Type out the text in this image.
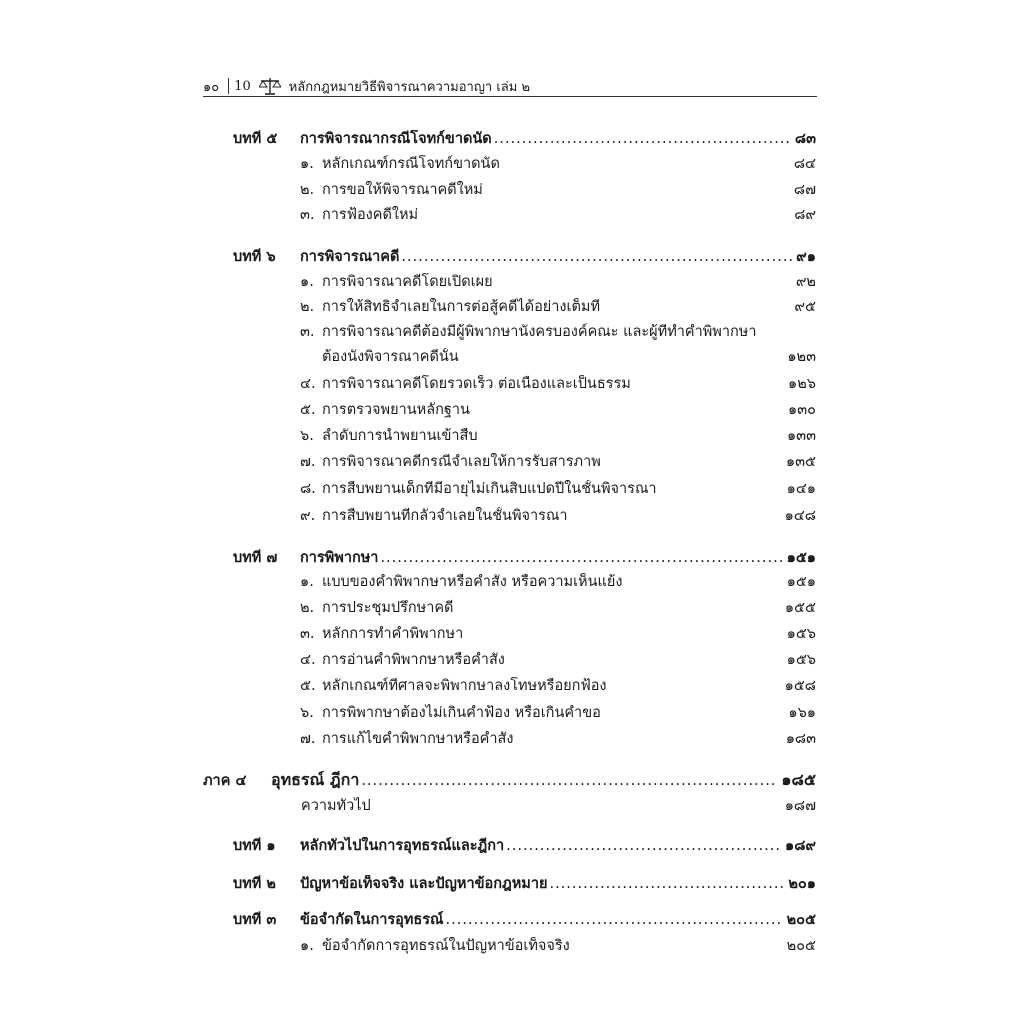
๑๐ 10	หลักกฎหมายวิธีพิจารณาความอาญา เล่ม ๒
บทที่ ๕	การพิจารณากรณีโจทก์ขาดนัด .....	๘๓
๑. หลักเกณฑ์กรณีโจทก์ขาดนัด	๘๔
๒. การขอให้พิจารณาคดีใหม่	๘๗
๓. การฟ้องคดีใหม่	๘๙
บทที่ ๖	การพิจารณาคดี .....	๙๑
๑. การพิจารณาคดีโดยเปิดเผย	๙๒
๒. การให้สิทธิจำเลยในการต่อสู้คดีได้อย่างเต็มที่	๙๕
๓. การพิจารณาคดีต้องมีผู้พิพากษานั่งครบองค์คณะ และผู้ที่ทำคำพิพากษา
ต้องนั่งพิจารณาคดีนั้น	๑๒๓
๔. การพิจารณาคดีโดยรวดเร็ว ต่อเนื่องและเป็นธรรม	๑๒๖
๕. การตรวจพยานหลักฐาน	๑๓๐
๖. ลำดับการนำพยานเข้าสืบ	๑๓๓
๗. การพิจารณาคดีกรณีจำเลยให้การรับสารภาพ	๑๓๕
๘. การสืบพยานเด็กที่มีอายุไม่เกินสิบแปดปีในชั้นพิจารณา	๑๔๑
๙. การสืบพยานที่กลัวจำเลยในชั้นพิจารณา	๑๔๘
บทที่ ๗	การพิพากษา .....	๑๕๑
๑. แบบของคำพิพากษาหรือคำสั่ง หรือความเห็นแย้ง	๑๕๑
๒. การประชุมปรึกษาคดี	๑๕๕
๓. หลักการทำคำพิพากษา	๑๕๖
๔. การอ่านคำพิพากษาหรือคำสั่ง	๑๕๖
๕. หลักเกณฑ์ที่ศาลจะพิพากษาลงโทษหรือยกฟ้อง	๑๕๘
๖. การพิพากษาต้องไม่เกินคำฟ้อง หรือเกินคำขอ	๑๖๑
๗. การแก้ไขคำพิพากษาหรือคำสั่ง	๑๘๓
ภาค ๔	อุทธรณ์ ฎีกา .....	๑๘๕
ความทั่วไป	๑๘๗
บทที่ ๑	หลักทั่วไปในการอุทธรณ์และฎีกา .....	๑๘๙
บทที่ ๒	ปัญหาข้อเท็จจริง และปัญหาข้อกฎหมาย .....	๒๐๑
บทที่ ๓	ข้อจำกัดในการอุทธรณ์ .....	๒๐๕
๑. ข้อจำกัดการอุทธรณ์ในปัญหาข้อเท็จจริง	๒๐๕
